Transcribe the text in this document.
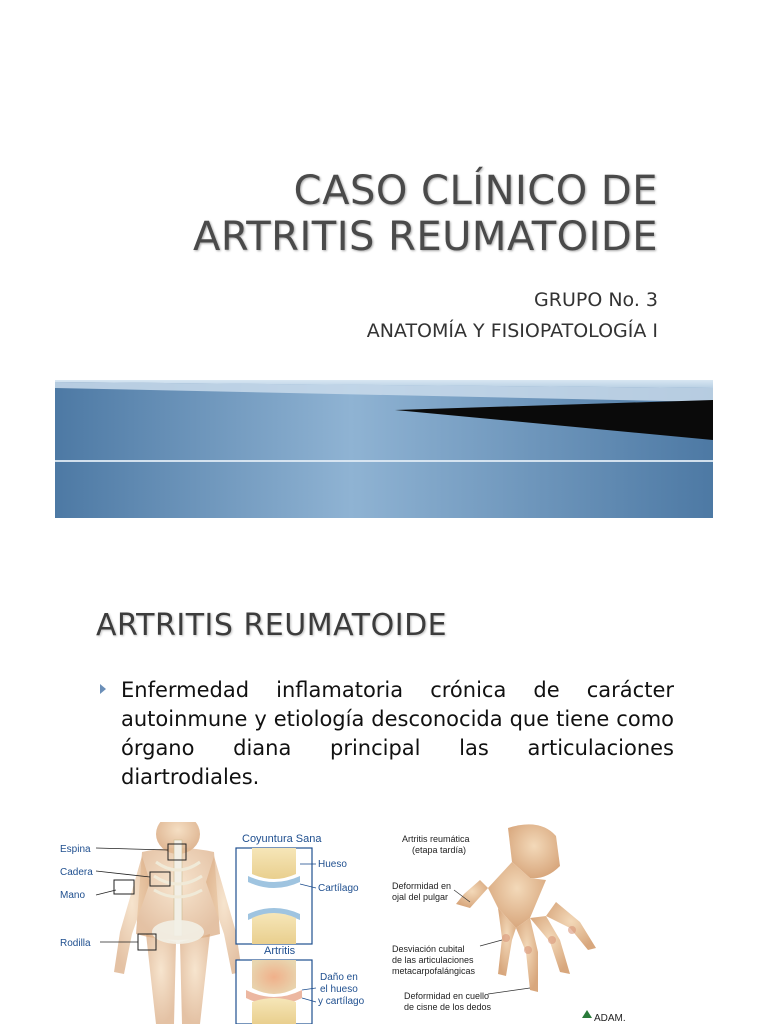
CASO CLÍNICO DE
ARTRITIS REUMATOIDE
GRUPO No. 3
ANATOMÍA Y FISIOPATOLOGÍA I
ARTRITIS REUMATOIDE
Enfermedad inflamatoria crónica de carácter autoinmune y etiología desconocida que tiene como órgano diana principal las articulaciones diartrodiales.
Espina
Cadera
Mano
Rodilla
Coyuntura Sana
Hueso
Cartílago
Artritis
Daño en
el hueso
y cartílago
Artritis reumática
(etapa tardía)
Deformidad en
ojal del pulgar
Desviación cubital
de las articulaciones
metacarpofalángicas
Deformidad en cuello
de cisne de los dedos
ADAM.
